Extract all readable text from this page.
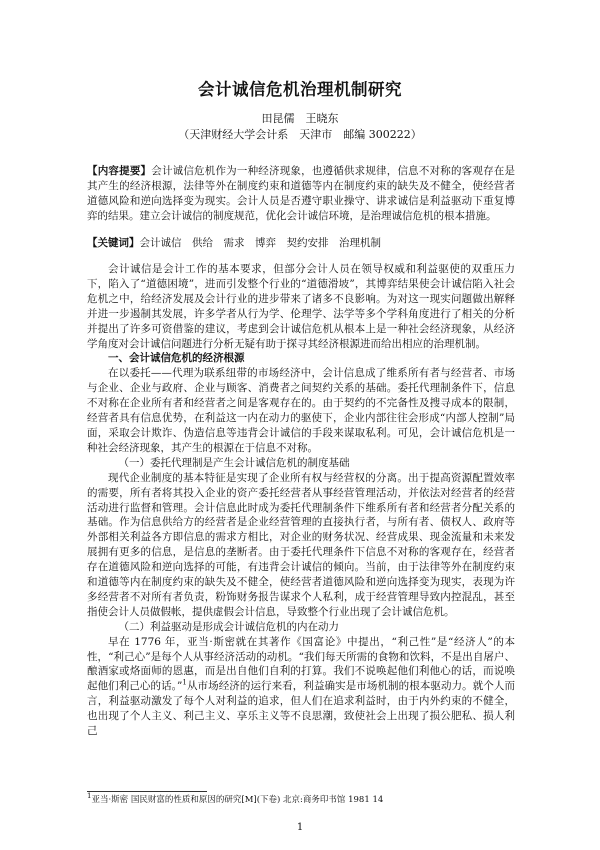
会计诚信危机治理机制研究
田昆儒　王晓东
（天津财经大学会计系　天津市　邮编 300222）

【内容提要】会计诚信危机作为一种经济现象，也遵循供求规律，信息不对称的客观存在是其产生的经济根源，法律等外在制度约束和道德等内在制度约束的缺失及不健全，使经营者道德风险和逆向选择变为现实。会计人员是否遵守职业操守、讲求诚信是利益驱动下重复博弈的结果。建立会计诚信的制度规范，优化会计诚信环境，是治理诚信危机的根本措施。

【关键词】会计诚信　供给　需求　博弈　契约安排　治理机制

会计诚信是会计工作的基本要求，但部分会计人员在领导权威和利益驱使的双重压力下，陷入了“道德困境”，进而引发整个行业的“道德滑坡”，其博弈结果使会计诚信陷入社会危机之中，给经济发展及会计行业的进步带来了诸多不良影响。为对这一现实问题做出解释并进一步遏制其发展，许多学者从行为学、伦理学、法学等多个学科角度进行了相关的分析并提出了许多可资借鉴的建议，考虑到会计诚信危机从根本上是一种社会经济现象，从经济学角度对会计诚信问题进行分析无疑有助于探寻其经济根源进而给出相应的治理机制。

一、会计诚信危机的经济根源

在以委托——代理为联系纽带的市场经济中，会计信息成了维系所有者与经营者、市场与企业、企业与政府、企业与顾客、消费者之间契约关系的基础。委托代理制条件下，信息不对称在企业所有者和经营者之间是客观存在的。由于契约的不完备性及搜寻成本的限制，经营者具有信息优势，在利益这一内在动力的驱使下，企业内部往往会形成“内部人控制”局面，采取会计欺诈、伪造信息等违背会计诚信的手段来谋取私利。可见，会计诚信危机是一种社会经济现象，其产生的根源在于信息不对称。

（一）委托代理制是产生会计诚信危机的制度基础

现代企业制度的基本特征是实现了企业所有权与经营权的分离。出于提高资源配置效率的需要，所有者将其投入企业的资产委托经营者从事经营管理活动，并依法对经营者的经营活动进行监督和管理。会计信息此时成为委托代理制条件下维系所有者和经营者分配关系的基础。作为信息供给方的经营者是企业经营管理的直接执行者，与所有者、债权人、政府等外部相关利益各方即信息的需求方相比，对企业的财务状况、经营成果、现金流量和未来发展拥有更多的信息，是信息的垄断者。由于委托代理条件下信息不对称的客观存在，经营者存在道德风险和逆向选择的可能，有违背会计诚信的倾向。当前，由于法律等外在制度约束和道德等内在制度约束的缺失及不健全，使经营者道德风险和逆向选择变为现实，表现为许多经营者不对所有者负责，粉饰财务报告谋求个人私利，成于经营管理导致内控混乱，甚至指使会计人员做假帐，提供虚假会计信息，导致整个行业出现了会计诚信危机。

（二）利益驱动是形成会计诚信危机的内在动力

早在 1776 年，亚当·斯密就在其著作《国富论》中提出，“利己性”是“经济人”的本性，“利己心”是每个人从事经济活动的动机。“我们每天所需的食物和饮料，不是出自屠户、酿酒家或烙面师的恩惠，而是出自他们自利的打算。我们不说唤起他们利他心的话，而说唤起他们利己心的话。”$^1$从市场经济的运行来看，利益确实是市场机制的根本驱动力。就个人而言，利益驱动激发了每个人对利益的追求，但人们在追求利益时，由于内外约束的不健全，也出现了个人主义、利己主义、享乐主义等不良思潮，致使社会上出现了损公肥私、损人利己

$^1$亚当·斯密 国民财富的性质和原因的研究[M](下卷) 北京:商务印书馆 1981 14
1
